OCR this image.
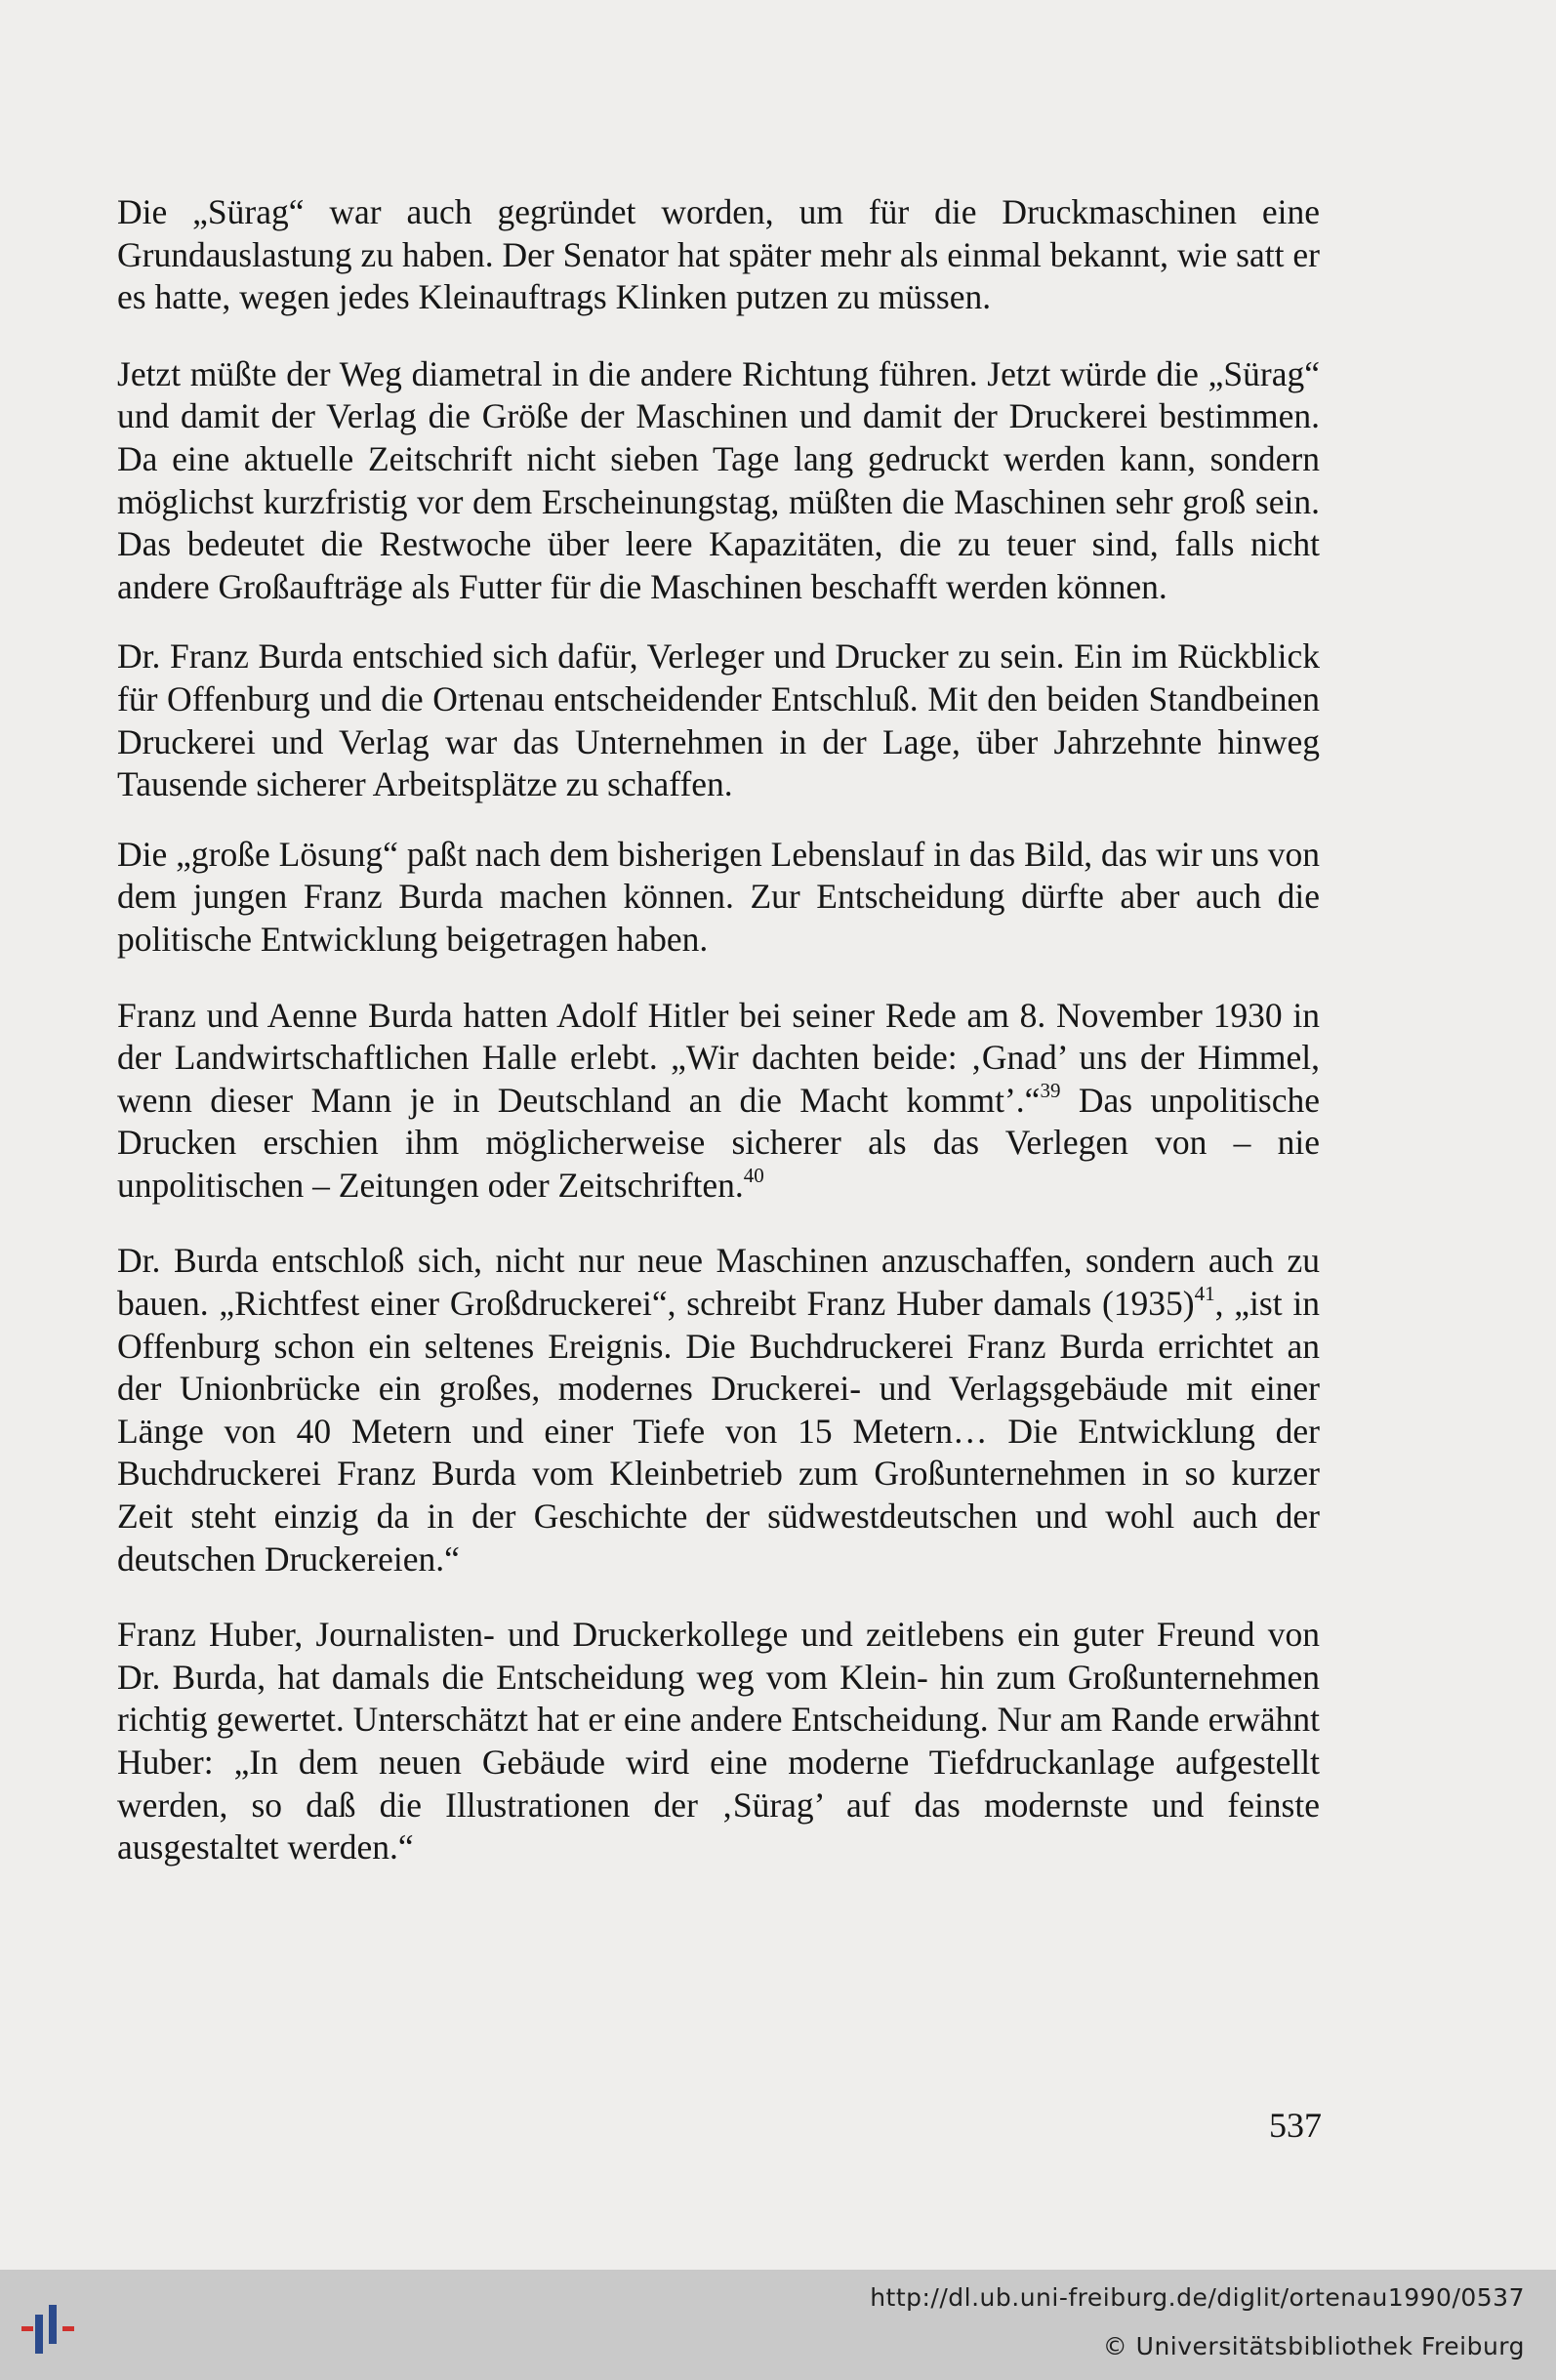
Die „Sürag“ war auch gegründet worden, um für die Druckmaschinen eine Grundauslastung zu haben. Der Senator hat später mehr als einmal bekannt, wie satt er es hatte, wegen jedes Kleinauftrags Klinken putzen zu müssen.

Jetzt müßte der Weg diametral in die andere Richtung führen. Jetzt würde die „Sürag“ und damit der Verlag die Größe der Maschinen und damit der Druckerei bestimmen. Da eine aktuelle Zeitschrift nicht sieben Tage lang gedruckt werden kann, sondern möglichst kurzfristig vor dem Erscheinungstag, müßten die Maschinen sehr groß sein. Das bedeutet die Restwoche über leere Kapazitäten, die zu teuer sind, falls nicht andere Großaufträge als Futter für die Maschinen beschafft werden können.

Dr. Franz Burda entschied sich dafür, Verleger und Drucker zu sein. Ein im Rückblick für Offenburg und die Ortenau entscheidender Entschluß. Mit den beiden Standbeinen Druckerei und Verlag war das Unternehmen in der Lage, über Jahrzehnte hinweg Tausende sicherer Arbeitsplätze zu schaffen.

Die „große Lösung“ paßt nach dem bisherigen Lebenslauf in das Bild, das wir uns von dem jungen Franz Burda machen können. Zur Entscheidung dürfte aber auch die politische Entwicklung beigetragen haben.

Franz und Aenne Burda hatten Adolf Hitler bei seiner Rede am 8. November 1930 in der Landwirtschaftlichen Halle erlebt. „Wir dachten beide: ‚Gnad’ uns der Himmel, wenn dieser Mann je in Deutschland an die Macht kommt’.“$^{39}$ Das unpolitische Drucken erschien ihm möglicherweise sicherer als das Verlegen von – nie unpolitischen – Zeitungen oder Zeitschriften.$^{40}$

Dr. Burda entschloß sich, nicht nur neue Maschinen anzuschaffen, sondern auch zu bauen. „Richtfest einer Großdruckerei“, schreibt Franz Huber damals $(1935)^{41}$, „ist in Offenburg schon ein seltenes Ereignis. Die Buchdruckerei Franz Burda errichtet an der Unionbrücke ein großes, modernes Druckerei- und Verlagsgebäude mit einer Länge von 40 Metern und einer Tiefe von 15 Metern… Die Entwicklung der Buchdruckerei Franz Burda vom Kleinbetrieb zum Großunternehmen in so kurzer Zeit steht einzig da in der Geschichte der südwestdeutschen und wohl auch der deutschen Druckereien.“

Franz Huber, Journalisten- und Druckerkollege und zeitlebens ein guter Freund von Dr. Burda, hat damals die Entscheidung weg vom Klein- hin zum Großunternehmen richtig gewertet. Unterschätzt hat er eine andere Entscheidung. Nur am Rande erwähnt Huber: „In dem neuen Gebäude wird eine moderne Tiefdruckanlage aufgestellt werden, so daß die Illustrationen der ‚Sürag’ auf das modernste und feinste ausgestaltet werden.“

537
http://dl.ub.uni-freiburg.de/diglit/ortenau1990/0537
© Universitätsbibliothek Freiburg
